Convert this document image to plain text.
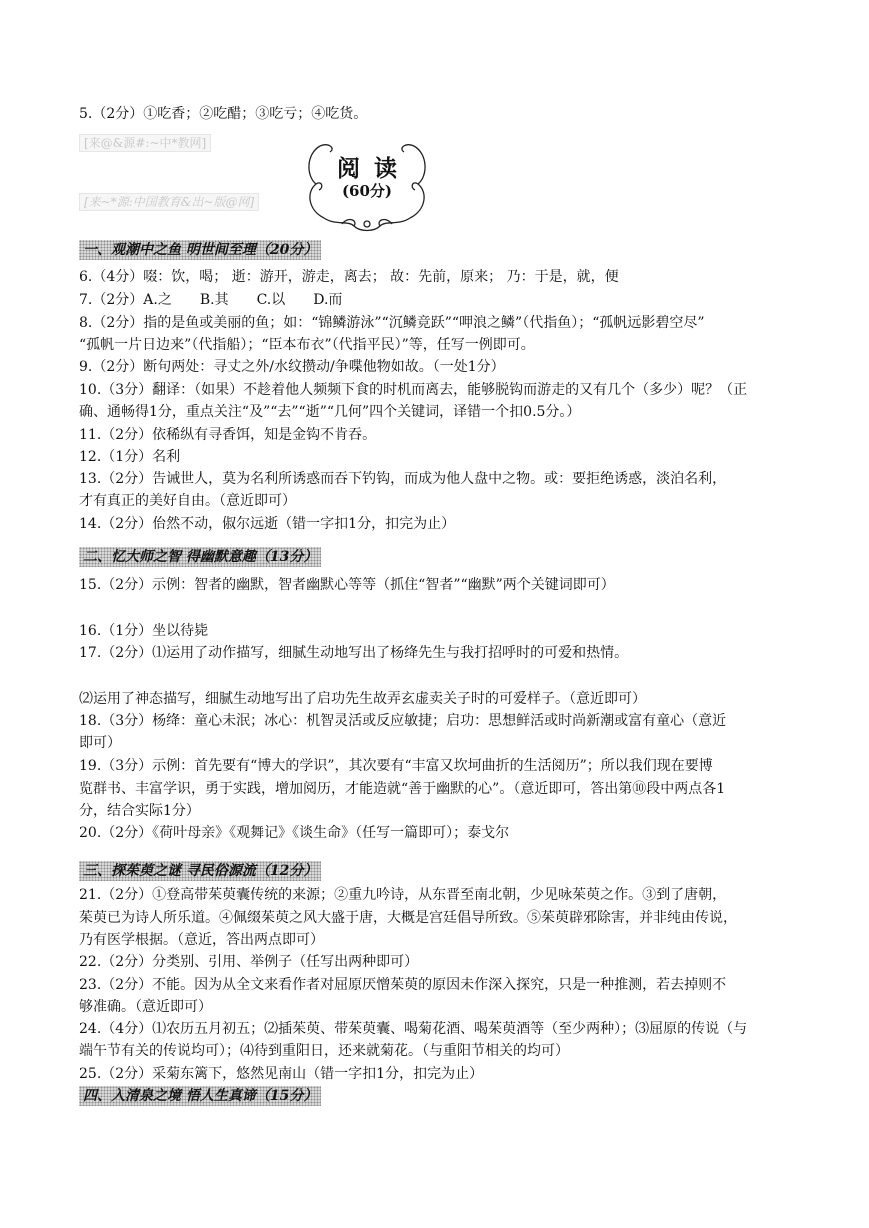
5.（2分）①吃香；②吃醋；③吃亏；④吃货。
[来@&源#:~中*教网]
阅读
(60分)
[来~*源:中国教育&出~版@网]
一、观潮中之鱼 明世间至理（20分）
6.（4分）啜：饮，喝； 逝：游开，游走，离去； 故：先前，原来； 乃：于是，就，便
7.（2分）A.之　　B.其　　C.以　　D.而
8.（2分）指的是鱼或美丽的鱼；如：“锦鳞游泳”“沉鳞竞跃”“呷浪之鳞”（代指鱼）；“孤帆远影碧空尽”
“孤帆一片日边来”（代指船）；“臣本布衣”（代指平民）”等，任写一例即可。
9.（2分）断句两处：寻丈之外/水纹攒动/争喋他物如故。（一处1分）
10.（3分）翻译：（如果）不趁着他人频频下食的时机而离去，能够脱钩而游走的又有几个（多少）呢？（正
确、通畅得1分，重点关注“及”“去”“逝”“几何”四个关键词，译错一个扣0.5分。）
11.（2分）依稀纵有寻香饵，知是金钩不肯吞。
12.（1分）名利
13.（2分）告诫世人，莫为名利所诱惑而吞下钓钩，而成为他人盘中之物。或：要拒绝诱惑，淡泊名利，
才有真正的美好自由。（意近即可）
14.（2分）佁然不动，俶尔远逝（错一字扣1分，扣完为止）
二、忆大师之智 得幽默意趣（13分）
15.（2分）示例：智者的幽默，智者幽默心等等（抓住“智者”“幽默”两个关键词即可）
16.（1分）坐以待毙
17.（2分）⑴运用了动作描写，细腻生动地写出了杨绛先生与我打招呼时的可爱和热情。
⑵运用了神态描写，细腻生动地写出了启功先生故弄玄虚卖关子时的可爱样子。（意近即可）
18.（3分）杨绛：童心未泯；冰心：机智灵活或反应敏捷；启功：思想鲜活或时尚新潮或富有童心（意近
即可）
19.（3分）示例：首先要有“博大的学识”，其次要有“丰富又坎坷曲折的生活阅历”；所以我们现在要博
览群书、丰富学识，勇于实践，增加阅历，才能造就“善于幽默的心”。（意近即可，答出第⑩段中两点各1
分，结合实际1分）
20.（2分）《荷叶母亲》《观舞记》《谈生命》（任写一篇即可）；泰戈尔
三、探茱萸之谜 寻民俗源流（12分）
21.（2分）①登高带茱萸囊传统的来源；②重九吟诗，从东晋至南北朝，少见咏茱萸之作。③到了唐朝，
茱萸已为诗人所乐道。④佩缀茱萸之风大盛于唐，大概是宫廷倡导所致。⑤茱萸辟邪除害，并非纯由传说，
乃有医学根据。（意近，答出两点即可）
22.（2分）分类别、引用、举例子（任写出两种即可）
23.（2分）不能。因为从全文来看作者对屈原厌憎茱萸的原因未作深入探究，只是一种推测，若去掉则不
够准确。（意近即可）
24.（4分）⑴农历五月初五；⑵插茱萸、带茱萸囊、喝菊花酒、喝茱萸酒等（至少两种）；⑶屈原的传说（与
端午节有关的传说均可）；⑷待到重阳日，还来就菊花。（与重阳节相关的均可）
25.（2分）采菊东篱下，悠然见南山（错一字扣1分，扣完为止）
四、入清泉之境 悟人生真谛（15分）
